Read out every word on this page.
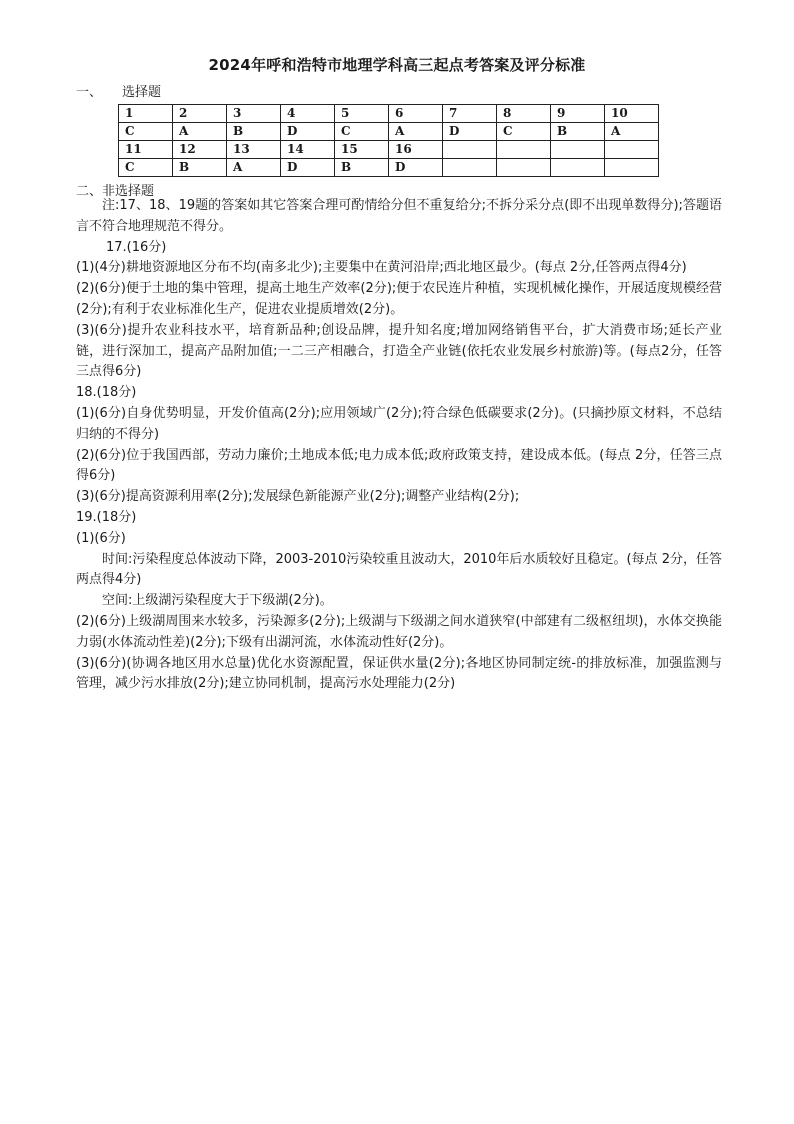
2024年呼和浩特市地理学科高三起点考答案及评分标准
一、 选择题
1	2	3	4	5	6	7	8	9	10
C	A	B	D	C	A	D	C	B	A
11	12	13	14	15	16				
C	B	A	D	B	D				
二、非选择题

注:17、18、19题的答案如其它答案合理可酌情给分但不重复给分;不拆分采分点(即不出现单数得分);答题语言不符合地理规范不得分。

17.(16分)

(1)(4分)耕地资源地区分布不均(南多北少);主要集中在黄河沿岸;西北地区最少。(每点 2分,任答两点得4分)

(2)(6分)便于土地的集中管理，提高土地生产效率(2分);便于农民连片种植，实现机械化操作，开展适度规模经营(2分);有利于农业标准化生产，促进农业提质增效(2分)。

(3)(6分)提升农业科技水平，培育新品种;创设品牌，提升知名度;增加网络销售平台，扩大消费市场;延长产业链，进行深加工，提高产品附加值;一二三产相融合，打造全产业链(依托农业发展乡村旅游)等。(每点2分，任答三点得6分)

18.(18分)

(1)(6分)自身优势明显，开发价值高(2分);应用领域广(2分);符合绿色低碳要求(2分)。(只摘抄原文材料，不总结归纳的不得分)

(2)(6分)位于我国西部，劳动力廉价;土地成本低;电力成本低;政府政策支持，建设成本低。(每点 2分，任答三点得6分)

(3)(6分)提高资源利用率(2分);发展绿色新能源产业(2分);调整产业结构(2分);

19.(18分)

(1)(6分)

时间:污染程度总体波动下降，2003-2010污染较重且波动大，2010年后水质较好且稳定。(每点 2分，任答两点得4分)

空间:上级湖污染程度大于下级湖(2分)。

(2)(6分)上级湖周围来水较多，污染源多(2分);上级湖与下级湖之间水道狭窄(中部建有二级枢纽坝)，水体交换能力弱(水体流动性差)(2分);下级有出湖河流，水体流动性好(2分)。

(3)(6分)(协调各地区用水总量)优化水资源配置，保证供水量(2分);各地区协同制定统-的排放标准，加强监测与管理，减少污水排放(2分);建立协同机制，提高污水处理能力(2分)
